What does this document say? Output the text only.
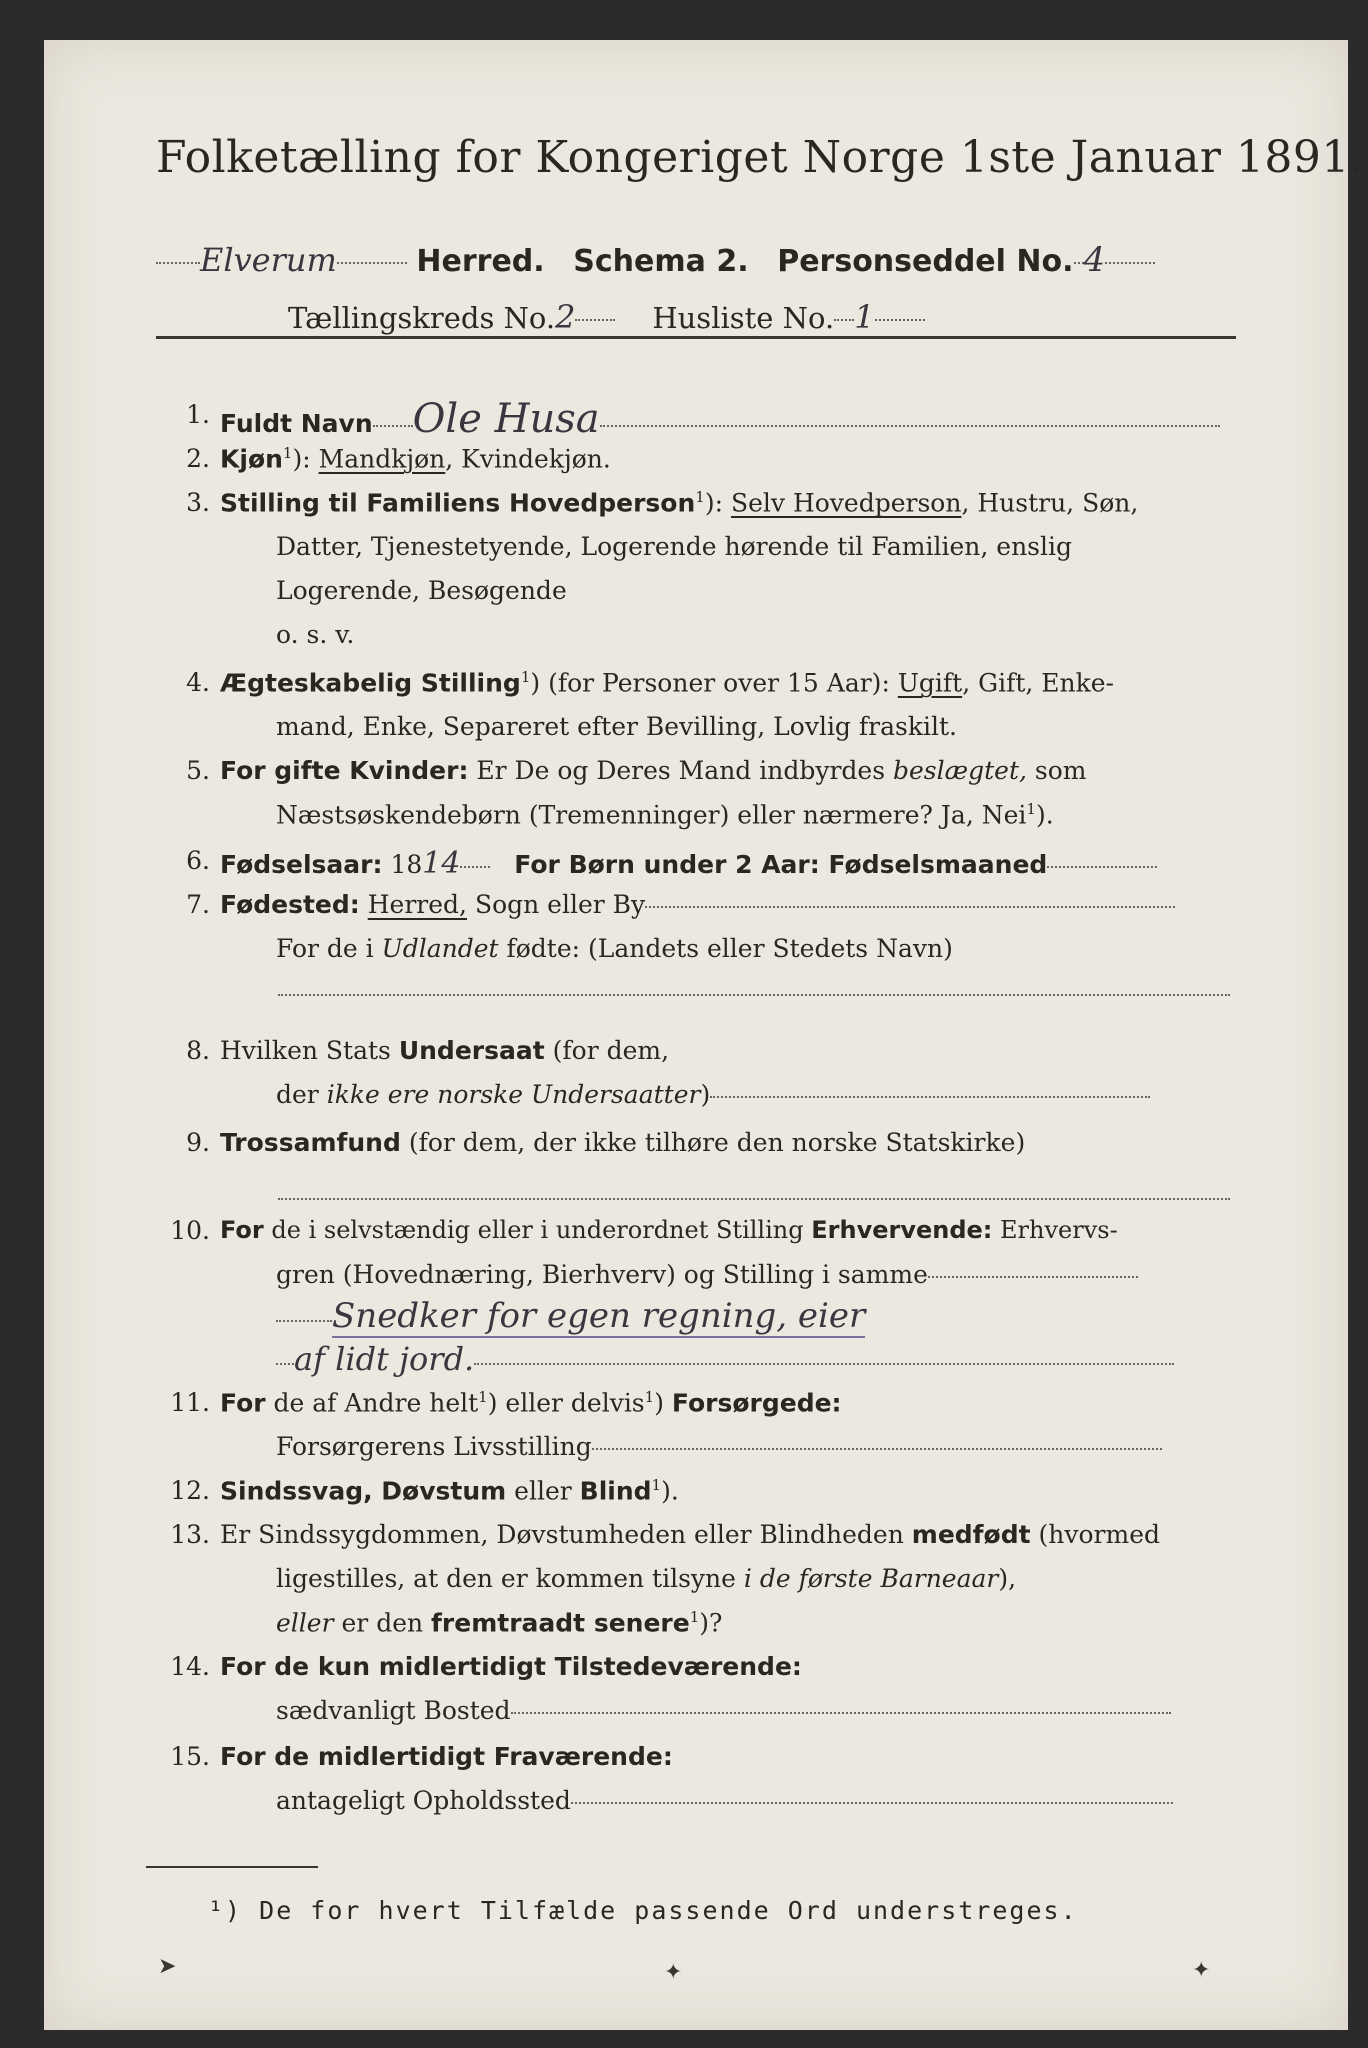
Folketælling for Kongeriget Norge 1ste Januar 1891.
Elverum	Herred. Schema 2. Personseddel No. 4
Tællingskreds No.2	Husliste No. 1
1. Fuldt Navn Ole Husa
2. Kjøn$^1$): Mandkjøn, Kvindekjøn.
3. Stilling til Familiens Hovedperson$^1$): Selv Hovedperson, Hustru, Søn,
Datter, Tjenestetyende, Logerende hørende til Familien, enslig
Logerende, Besøgende
o. s. v.
4. Ægteskabelig Stilling$^1$) (for Personer over 15 Aar): Ugift, Gift, Enke-
mand, Enke, Separeret efter Bevilling, Lovlig fraskilt.
5. For gifte Kvinder: Er De og Deres Mand indbyrdes beslægtet, som
Næstsøskendebørn (Tremenninger) eller nærmere? Ja, Nei$^1$).
6. Fødselsaar: 1814 For Børn under 2 Aar: Fødselsmaaned
7. Fødested: Herred, Sogn eller By
For de i Udlandet fødte: (Landets eller Stedets Navn)
8. Hvilken Stats Undersaat (for dem,
der ikke ere norske Undersaatter)
9. Trossamfund (for dem, der ikke tilhøre den norske Statskirke)
10. For de i selvstændig eller i underordnet Stilling Erhvervende: Erhvervs-
gren (Hovednæring, Bierhverv) og Stilling i samme
Snedker for egen regning, eier
af lidt jord.
11. For de af Andre helt$^1$) eller delvis$^1$) Forsørgede:
Forsørgerens Livsstilling
12. Sindssvag, Døvstum eller Blind$^1$).
13. Er Sindssygdommen, Døvstumheden eller Blindheden medfødt (hvormed
ligestilles, at den er kommen tilsyne i de første Barneaar),
eller er den fremtraadt senere$^1$)?
14. For de kun midlertidigt Tilstedeværende:
sædvanligt Bosted
15. For de midlertidigt Fraværende:
antageligt Opholdssted
¹) De for hvert Tilfælde passende Ord understreges.
➤	✦	✦
